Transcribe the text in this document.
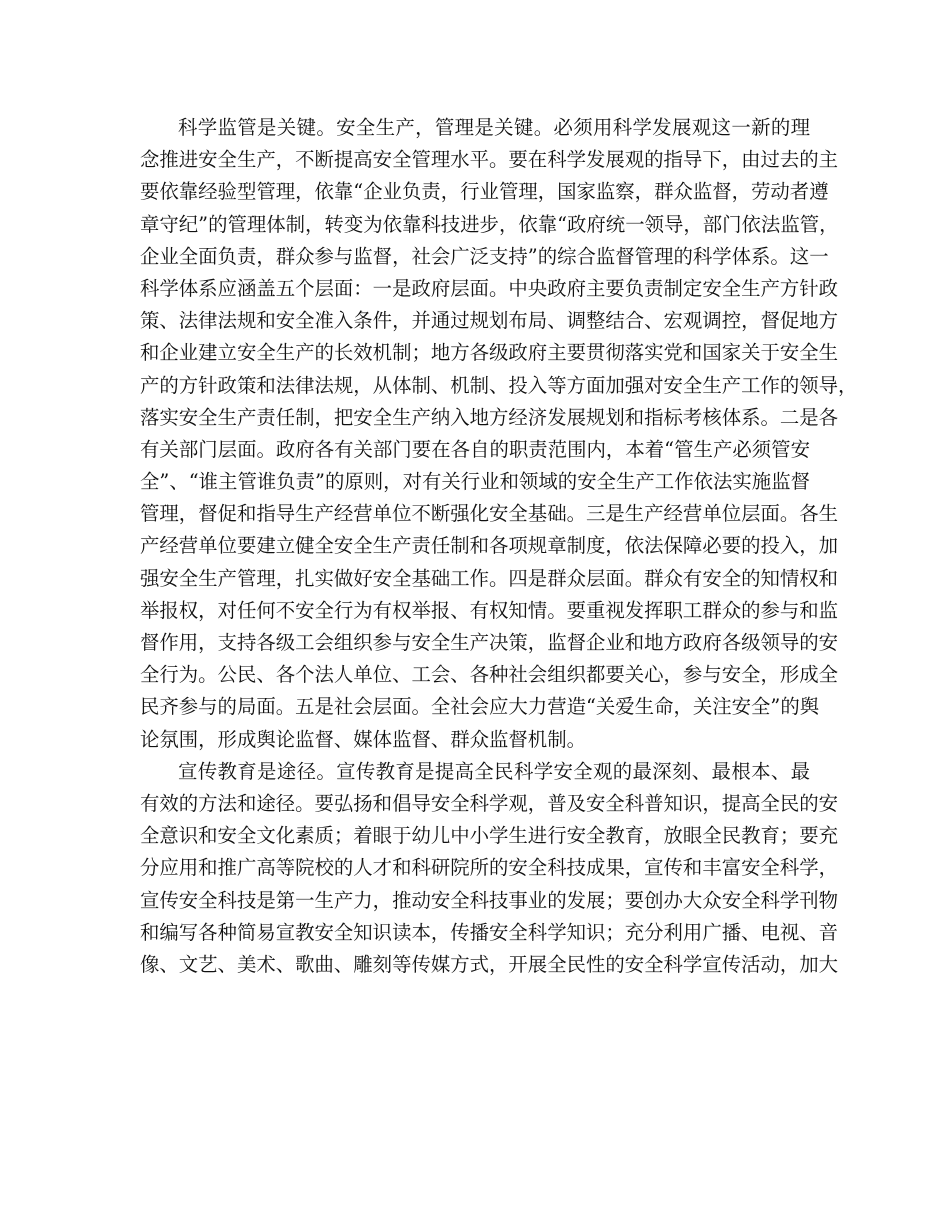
科学监管是关键。安全生产，管理是关键。必须用科学发展观这一新的理
念推进安全生产，不断提高安全管理水平。要在科学发展观的指导下，由过去的主
要依靠经验型管理，依靠“企业负责，行业管理，国家监察，群众监督，劳动者遵
章守纪”的管理体制，转变为依靠科技进步，依靠“政府统一领导，部门依法监管，
企业全面负责，群众参与监督，社会广泛支持”的综合监督管理的科学体系。这一
科学体系应涵盖五个层面：一是政府层面。中央政府主要负责制定安全生产方针政
策、法律法规和安全准入条件，并通过规划布局、调整结合、宏观调控，督促地方
和企业建立安全生产的长效机制；地方各级政府主要贯彻落实党和国家关于安全生
产的方针政策和法律法规，从体制、机制、投入等方面加强对安全生产工作的领导，
落实安全生产责任制，把安全生产纳入地方经济发展规划和指标考核体系。二是各
有关部门层面。政府各有关部门要在各自的职责范围内，本着“管生产必须管安
全”、“谁主管谁负责”的原则，对有关行业和领域的安全生产工作依法实施监督
管理，督促和指导生产经营单位不断强化安全基础。三是生产经营单位层面。各生
产经营单位要建立健全安全生产责任制和各项规章制度，依法保障必要的投入，加
强安全生产管理，扎实做好安全基础工作。四是群众层面。群众有安全的知情权和
举报权，对任何不安全行为有权举报、有权知情。要重视发挥职工群众的参与和监
督作用，支持各级工会组织参与安全生产决策，监督企业和地方政府各级领导的安
全行为。公民、各个法人单位、工会、各种社会组织都要关心，参与安全，形成全
民齐参与的局面。五是社会层面。全社会应大力营造“关爱生命，关注安全”的舆
论氛围，形成舆论监督、媒体监督、群众监督机制。
宣传教育是途径。宣传教育是提高全民科学安全观的最深刻、最根本、最
有效的方法和途径。要弘扬和倡导安全科学观，普及安全科普知识，提高全民的安
全意识和安全文化素质；着眼于幼儿中小学生进行安全教育，放眼全民教育；要充
分应用和推广高等院校的人才和科研院所的安全科技成果，宣传和丰富安全科学，
宣传安全科技是第一生产力，推动安全科技事业的发展；要创办大众安全科学刊物
和编写各种简易宣教安全知识读本，传播安全科学知识；充分利用广播、电视、音
像、文艺、美术、歌曲、雕刻等传媒方式，开展全民性的安全科学宣传活动，加大
